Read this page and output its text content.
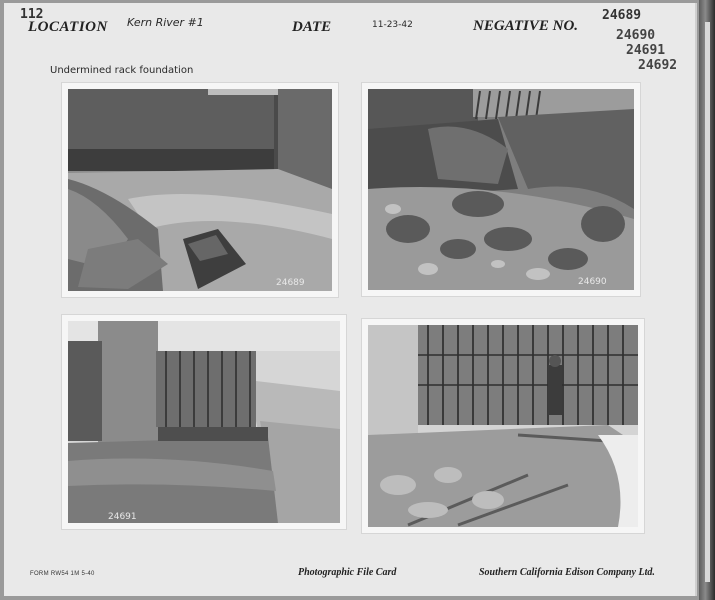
112
LOCATION Kern River #1	DATE	11-23-42	NEGATIVE NO.
24689
24690
24691
24692
Undermined rack foundation
24689	24690
24691
FORM RW54 1M 5-40	Photographic File Card	Southern California Edison Company Ltd.
